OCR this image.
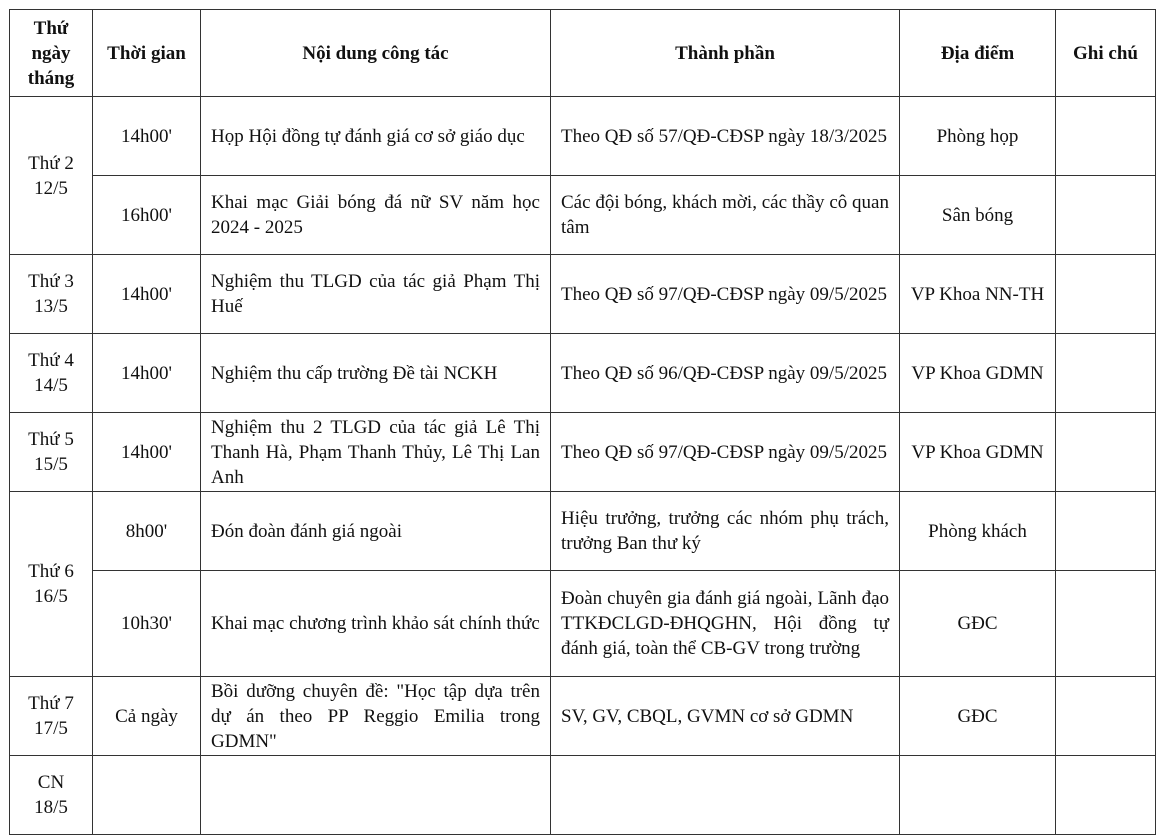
Thứ ngày tháng	Thời gian	Nội dung công tác	Thành phần	Địa điểm	Ghi chú
Thứ 2
12/5	14h00'	Họp Hội đồng tự đánh giá cơ sở giáo dục	Theo QĐ số 57/QĐ-CĐSP ngày 18/3/2025	Phòng họp	
	16h00'	Khai mạc Giải bóng đá nữ SV năm học 2024 - 2025	Các đội bóng, khách mời, các thầy cô quan tâm	Sân bóng	
Thứ 3
13/5	14h00'	Nghiệm thu TLGD của tác giả Phạm Thị Huế	Theo QĐ số 97/QĐ-CĐSP ngày 09/5/2025	VP Khoa NN-TH	
Thứ 4
14/5	14h00'	Nghiệm thu cấp trường Đề tài NCKH	Theo QĐ số 96/QĐ-CĐSP ngày 09/5/2025	VP Khoa GDMN	
Thứ 5
15/5	14h00'	Nghiệm thu 2 TLGD của tác giả Lê Thị Thanh Hà, Phạm Thanh Thủy, Lê Thị Lan Anh	Theo QĐ số 97/QĐ-CĐSP ngày 09/5/2025	VP Khoa GDMN	
Thứ 6
16/5	8h00'	Đón đoàn đánh giá ngoài	Hiệu trưởng, trưởng các nhóm phụ trách, trưởng Ban thư ký	Phòng khách	
	10h30'	Khai mạc chương trình khảo sát chính thức	Đoàn chuyên gia đánh giá ngoài, Lãnh đạo TTKĐCLGD-ĐHQGHN, Hội đồng tự đánh giá, toàn thể CB-GV trong trường	GĐC	
Thứ 7
17/5	Cả ngày	Bồi dưỡng chuyên đề: "Học tập dựa trên dự án theo PP Reggio Emilia trong GDMN"	SV, GV, CBQL, GVMN cơ sở GDMN	GĐC	
CN
18/5					
